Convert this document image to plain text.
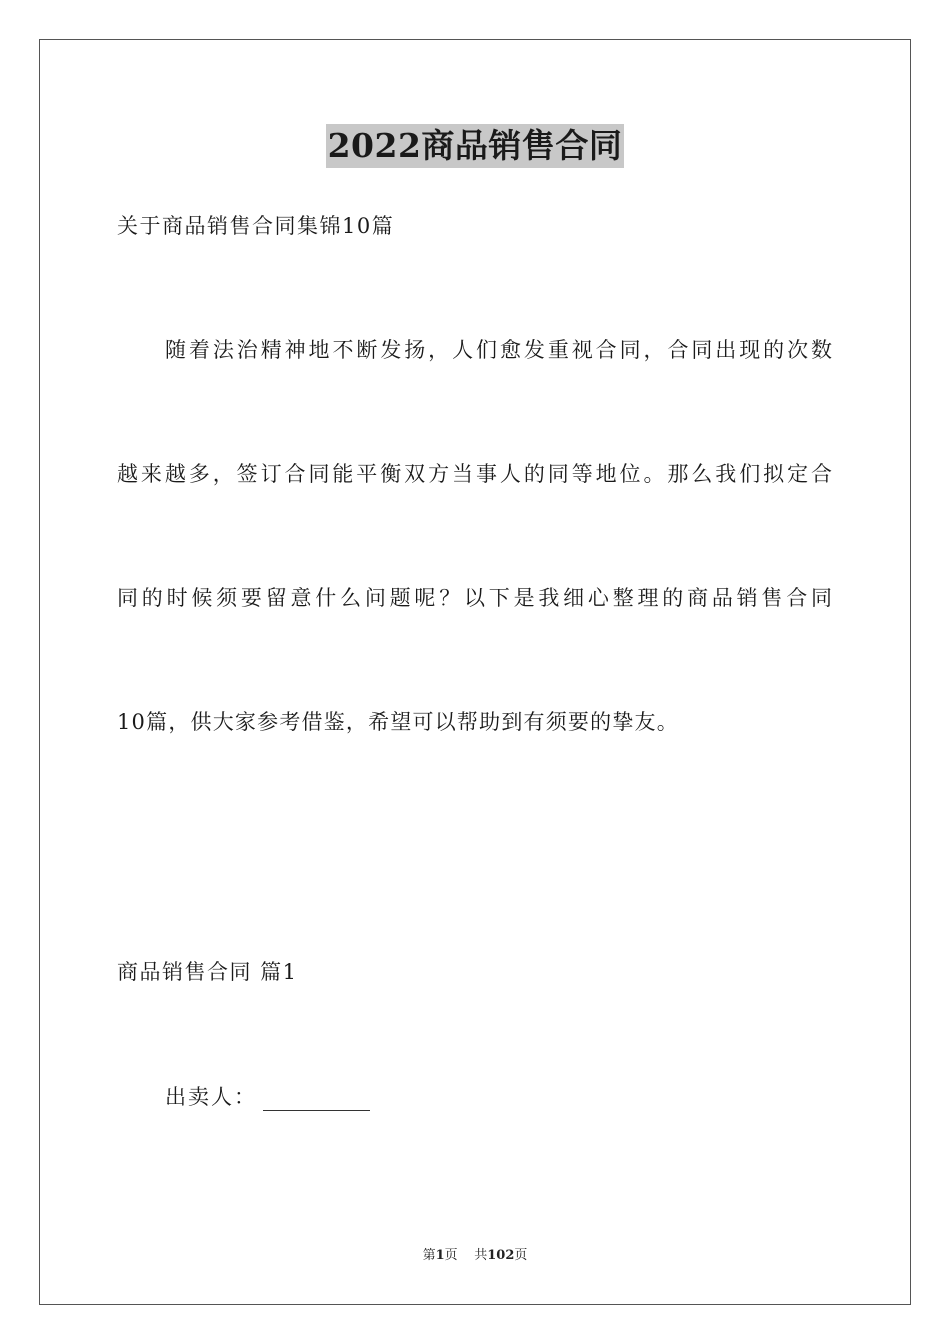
2022商品销售合同
关于商品销售合同集锦10篇
随着法治精神地不断发扬，人们愈发重视合同，合同出现的次数
越来越多，签订合同能平衡双方当事人的同等地位。那么我们拟定合
同的时候须要留意什么问题呢？以下是我细心整理的商品销售合同
10篇，供大家参考借鉴，希望可以帮助到有须要的挚友。
商品销售合同 篇1
出卖人：
第1页 共102页
